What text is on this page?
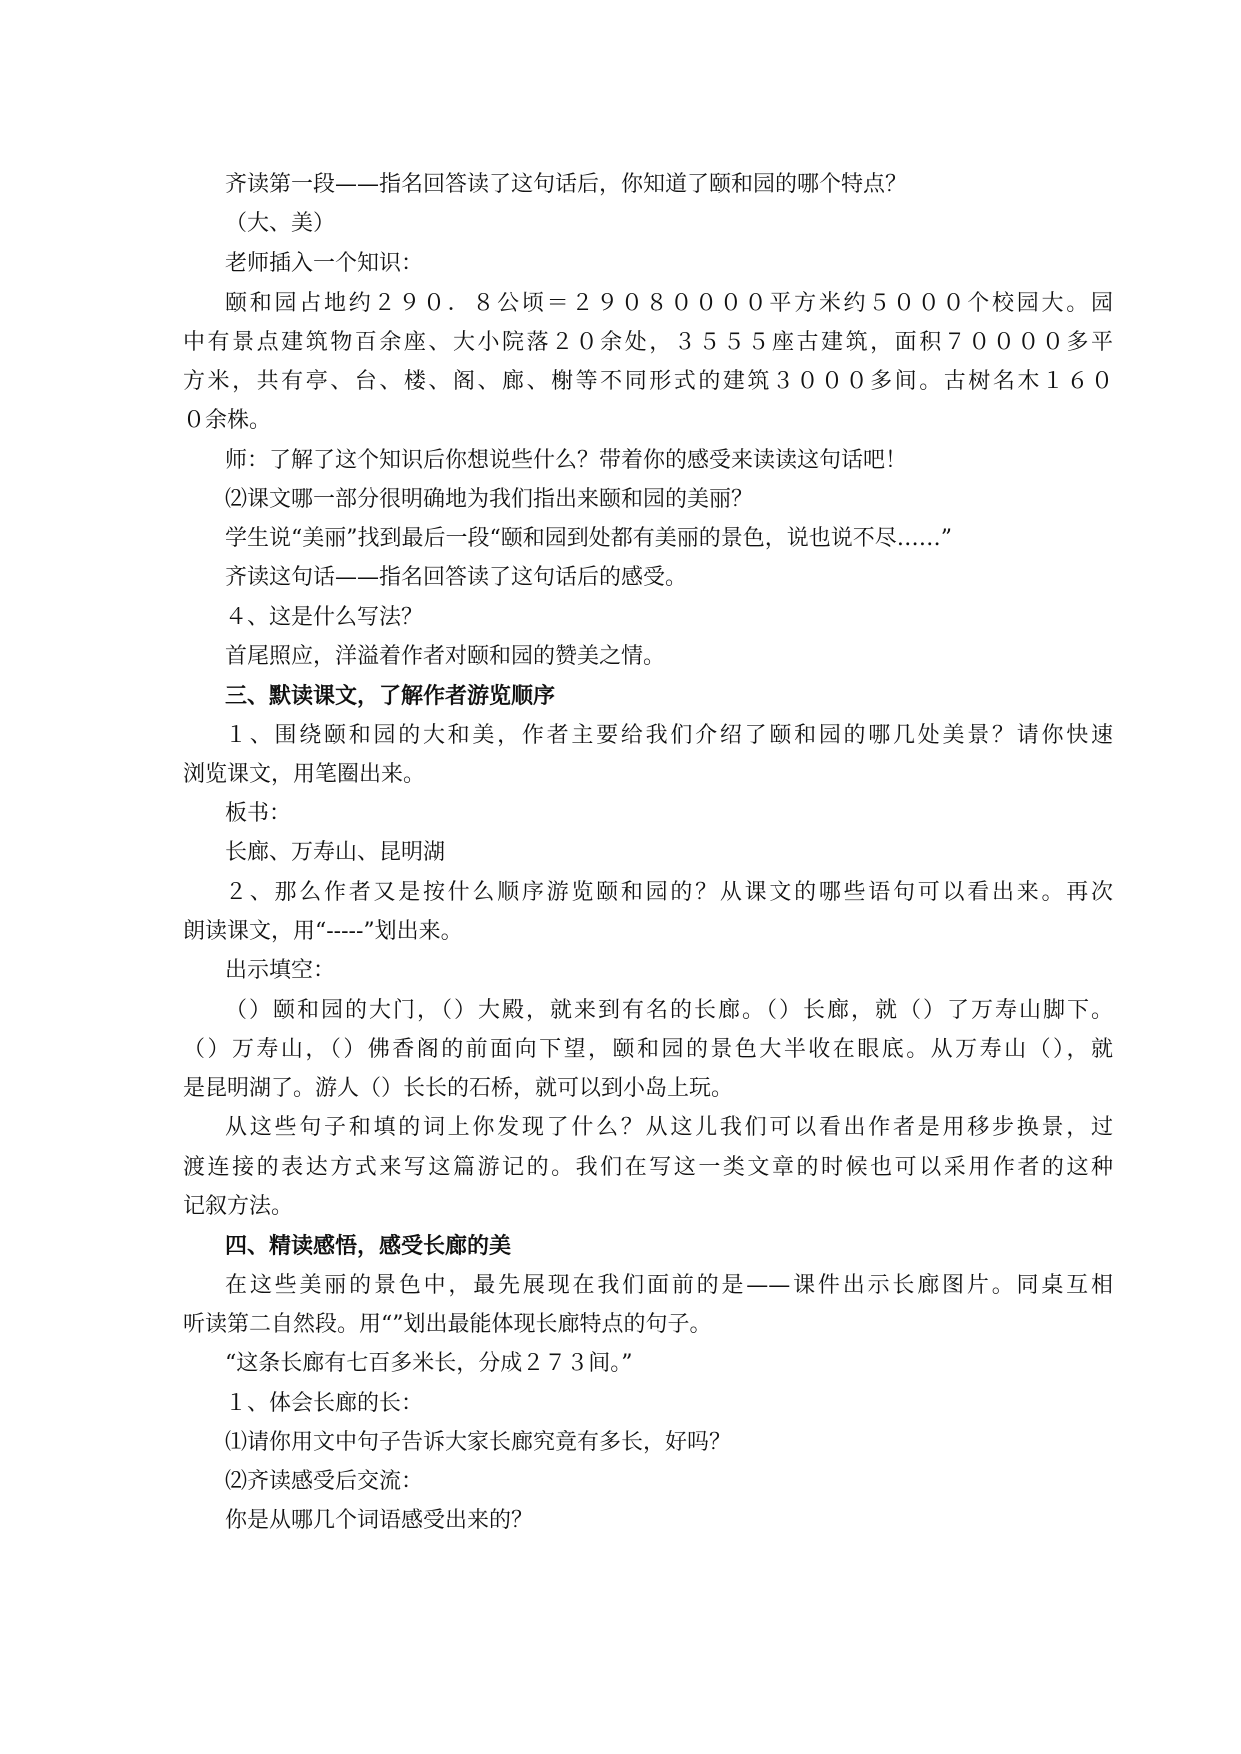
齐读第一段——指名回答读了这句话后，你知道了颐和园的哪个特点？
（大、美）
老师插入一个知识：
颐和园占地约２９０．８公顷＝２９０８００００平方米约５０００个校园大。园
中有景点建筑物百余座、大小院落２０余处，３５５５座古建筑，面积７００００多平
方米，共有亭、台、楼、阁、廊、榭等不同形式的建筑３０００多间。古树名木１６０
０余株。
师：了解了这个知识后你想说些什么？带着你的感受来读读这句话吧！
⑵课文哪一部分很明确地为我们指出来颐和园的美丽？
学生说“美丽”找到最后一段“颐和园到处都有美丽的景色，说也说不尽……”
齐读这句话——指名回答读了这句话后的感受。
４、这是什么写法？
首尾照应，洋溢着作者对颐和园的赞美之情。
三、默读课文，了解作者游览顺序
１、围绕颐和园的大和美，作者主要给我们介绍了颐和园的哪几处美景？请你快速
浏览课文，用笔圈出来。
板书：
长廊、万寿山、昆明湖
２、那么作者又是按什么顺序游览颐和园的？从课文的哪些语句可以看出来。再次
朗读课文，用“-----”划出来。
出示填空：
（）颐和园的大门，（）大殿，就来到有名的长廊。（）长廊，就（）了万寿山脚下。
（）万寿山，（）佛香阁的前面向下望，颐和园的景色大半收在眼底。从万寿山（），就
是昆明湖了。游人（）长长的石桥，就可以到小岛上玩。
从这些句子和填的词上你发现了什么？从这儿我们可以看出作者是用移步换景，过
渡连接的表达方式来写这篇游记的。我们在写这一类文章的时候也可以采用作者的这种
记叙方法。
四、精读感悟，感受长廊的美
在这些美丽的景色中，最先展现在我们面前的是——课件出示长廊图片。同桌互相
听读第二自然段。用“”划出最能体现长廊特点的句子。
“这条长廊有七百多米长，分成２７３间。”
１、体会长廊的长：
⑴请你用文中句子告诉大家长廊究竟有多长，好吗？
⑵齐读感受后交流：
你是从哪几个词语感受出来的？
